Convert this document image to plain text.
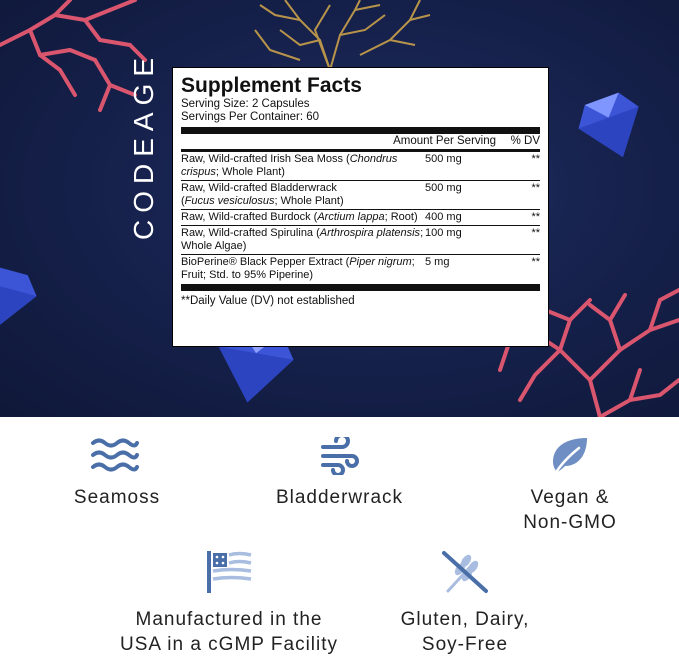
CODEAGE Supplement Facts
Serving Size: 2 Capsules
Servings Per Container: 60
Amount Per Serving	% DV
Raw, Wild-crafted Irish Sea Moss (Chondrus
crispus; Whole Plant)
500 mg	**
Raw, Wild-crafted Bladderwrack
(Fucus vesiculosus; Whole Plant)
500 mg	**
Raw, Wild-crafted Burdock (Arctium lappa; Root) 400 mg	**
Raw, Wild-crafted Spirulina (Arthrospira platensis;
Whole Algae)
100 mg	**
BioPerine® Black Pepper Extract (Piper nigrum;
Fruit; Std. to 95% Piperine)
5 mg	**
**Daily Value (DV) not established
Other Ingredients: Methylcellulose, Organic Peppermint Oil
Seamoss	Bladderwrack	Vegan &
Non-GMO
Manufactured in the
USA in a cGMP Facility
Gluten, Dairy,
Soy-Free
